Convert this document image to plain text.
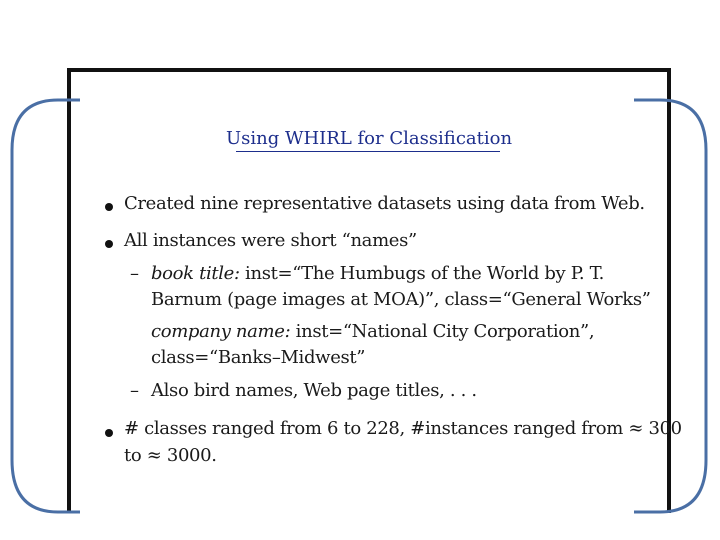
Using WHIRL for Classification
Created nine representative datasets using data from Web.
All instances were short “names”
– book title: inst=“The Humbugs of the World by P. T.
Barnum (page images at MOA)”, class=“General Works”
company name: inst=“National City Corporation”,
class=“Banks–Midwest”
– Also bird names, Web page titles, . . .
# classes ranged from 6 to 228, #instances ranged from ≈ 300
to ≈ 3000.
